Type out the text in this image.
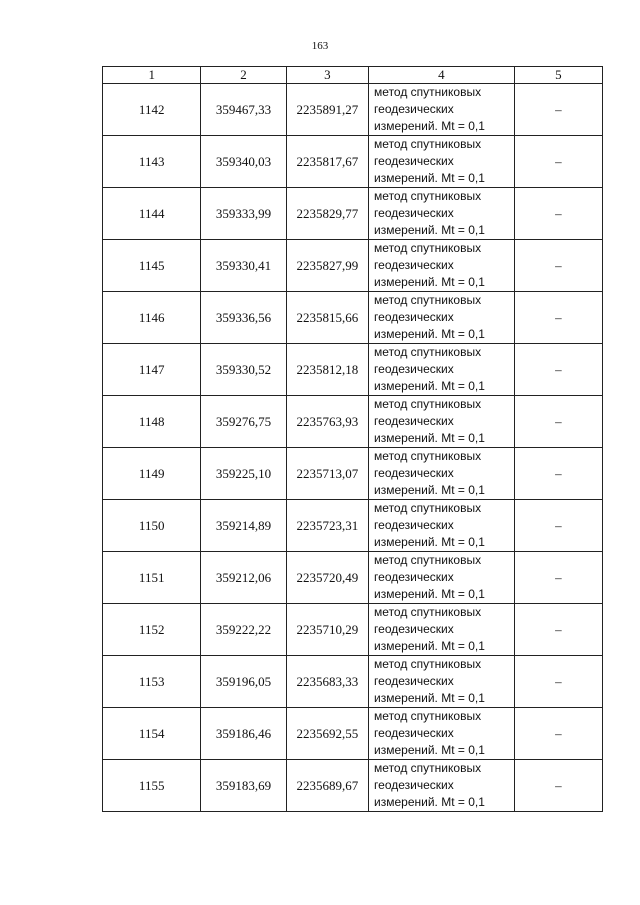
163
1	2	3	4	5
1142	359467,33	2235891,27	метод спутниковых
геодезических
измерений. Mt = 0,1	–
1143	359340,03	2235817,67	метод спутниковых
геодезических
измерений. Mt = 0,1	–
1144	359333,99	2235829,77	метод спутниковых
геодезических
измерений. Mt = 0,1	–
1145	359330,41	2235827,99	метод спутниковых
геодезических
измерений. Mt = 0,1	–
1146	359336,56	2235815,66	метод спутниковых
геодезических
измерений. Mt = 0,1	–
1147	359330,52	2235812,18	метод спутниковых
геодезических
измерений. Mt = 0,1	–
1148	359276,75	2235763,93	метод спутниковых
геодезических
измерений. Mt = 0,1	–
1149	359225,10	2235713,07	метод спутниковых
геодезических
измерений. Mt = 0,1	–
1150	359214,89	2235723,31	метод спутниковых
геодезических
измерений. Mt = 0,1	–
1151	359212,06	2235720,49	метод спутниковых
геодезических
измерений. Mt = 0,1	–
1152	359222,22	2235710,29	метод спутниковых
геодезических
измерений. Mt = 0,1	–
1153	359196,05	2235683,33	метод спутниковых
геодезических
измерений. Mt = 0,1	–
1154	359186,46	2235692,55	метод спутниковых
геодезических
измерений. Mt = 0,1	–
1155	359183,69	2235689,67	метод спутниковых
геодезических
измерений. Mt = 0,1	–
